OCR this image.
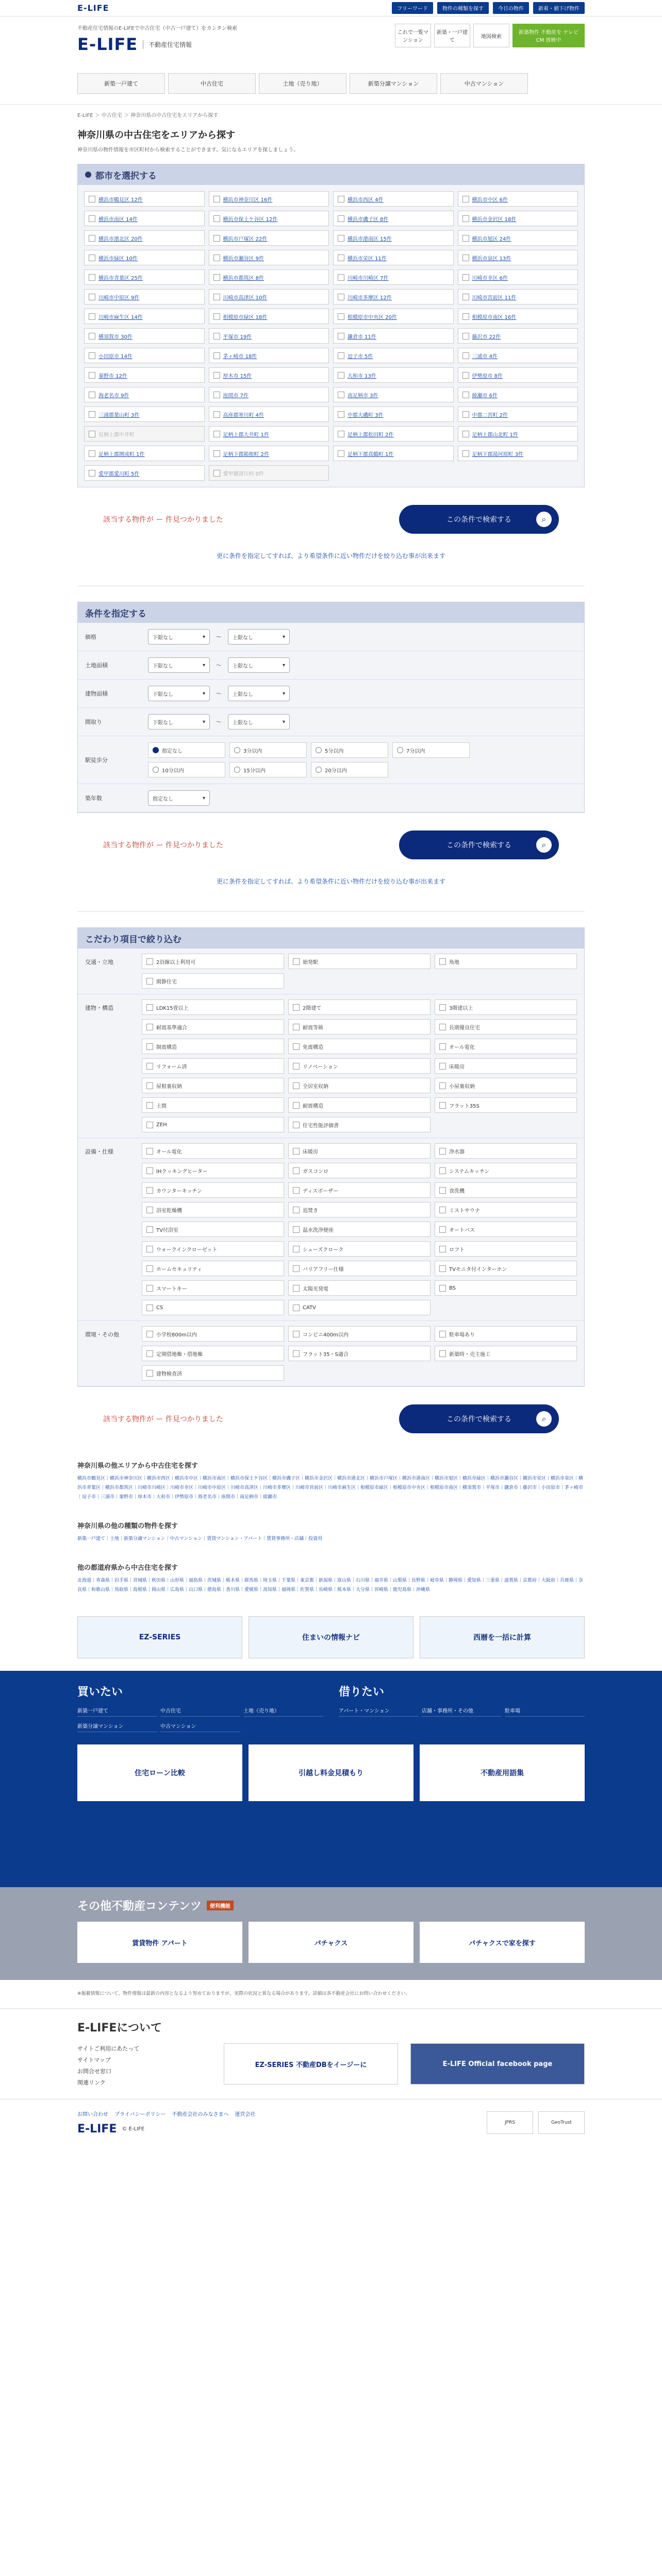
E-LIFE	フリーワード	物件の種類を探す	今日の物件	新着・値下げ物件
不動産住宅情報のE-LIFEで中古住宅（中古一戸建て）をカンタン検索
E-LIFE	不動産住宅情報
これで一覧マンション
新築・一戸建て
地図検索
新築物件 不動産を テレビ CM 放映中
新築一戸建て	中古住宅	土地（売り地）	新築分譲マンション	中古マンション
E-LIFE ＞ 中古住宅 ＞ 神奈川県の中古住宅をエリアから探す
神奈川県の中古住宅をエリアから探す
神奈川県の物件情報を市区町村から検索することができます。気になるエリアを探しましょう。
都市を選択する
横浜市鶴見区 12件	横浜市神奈川区 16件	横浜市西区 4件	横浜市中区 6件
横浜市南区 14件	横浜市保土ケ谷区 12件	横浜市磯子区 8件	横浜市金沢区 18件
横浜市港北区 20件	横浜市戸塚区 22件	横浜市港南区 15件	横浜市旭区 24件
横浜市緑区 10件	横浜市瀬谷区 9件	横浜市栄区 11件	横浜市泉区 13件
横浜市青葉区 25件	横浜市都筑区 8件	川崎市川崎区 7件	川崎市幸区 6件
川崎市中原区 9件	川崎市高津区 10件	川崎市多摩区 12件	川崎市宮前区 11件
川崎市麻生区 14件	相模原市緑区 18件	相模原市中央区 20件	相模原市南区 16件
横須賀市 30件	平塚市 19件	鎌倉市 11件	藤沢市 22件
小田原市 14件	茅ヶ崎市 18件	逗子市 5件	三浦市 4件
秦野市 12件	厚木市 15件	大和市 13件	伊勢原市 8件
海老名市 9件	座間市 7件	南足柄市 3件	綾瀬市 6件
三浦郡葉山町 3件	高座郡寒川町 4件	中郡大磯町 3件	中郡二宮町 2件
足柄上郡中井町	足柄上郡大井町 1件	足柄上郡松田町 2件	足柄上郡山北町 1件
足柄上郡開成町 1件	足柄下郡箱根町 2件	足柄下郡真鶴町 1件	足柄下郡湯河原町 3件
愛甲郡愛川町 5件	愛甲郡清川村 0件
該当する物件が ー 件見つかりました	この条件で検索する	⌕
更に条件を指定してすれば、より希望条件に近い物件だけを絞り込む事が出来ます
条件を指定する
価格	下限なし	▾ 〜 上限なし	▾
土地面積	下限なし	▾ 〜 上限なし	▾
建物面積	下限なし	▾ 〜 上限なし	▾
間取り	下限なし	▾ 〜 上限なし	▾
駅徒歩分
指定なし	3分以内	5分以内	7分以内
10分以内	15分以内	20分以内
築年数	指定なし	▾
該当する物件が ー 件見つかりました	この条件で検索する	⌕
更に条件を指定してすれば、より希望条件に近い物件だけを絞り込む事が出来ます
こだわり項目で絞り込む
交通・立地	2沿線以上利用可	始発駅	角地
閑静住宅
建物・構造	LDK15畳以上	2階建て	3階建以上
耐震基準適合	耐震等級	長期優良住宅
制震構造	免震構造	オール電化
リフォーム済	リノベーション	床暖房
屋根裏収納	全居室収納	小屋裏収納
土間	耐震構造	フラット35S
ZEH	住宅性能評価書
設備・仕様	オール電化	床暖房	浄水器
IHクッキングヒーター	ガスコンロ	システムキッチン
カウンターキッチン	ディスポーザー	食洗機
浴室乾燥機	追焚き	ミストサウナ
TV付浴室	温水洗浄便座	オートバス
ウォークインクローゼット	シューズクローク	ロフト
ホームセキュリティ	バリアフリー仕様	TVモニタ付インターホン
スマートキー	太陽光発電	BS
CS	CATV
環境・その他	小学校800m以内	コンビニ400m以内	駐車場あり
定期借地権・借地権	フラット35・S適合	新築時・売主施工
建物検査済
該当する物件が ー 件見つかりました	この条件で検索する	⌕
神奈川県の他エリアから中古住宅を探す
横浜市鶴見区｜横浜市神奈川区｜横浜市西区｜横浜市中区｜横浜市南区｜横浜市保土ケ谷区｜横浜市磯子区｜横浜市金沢区｜横浜市港北区｜横浜市戸塚区｜横浜市港南区｜横浜市旭区｜横浜市緑区｜横浜市瀬谷区｜横浜市栄区｜横浜市泉区｜横浜市青葉区｜横浜市都筑区｜川崎市川崎区｜川崎市幸区｜川崎市中原区｜川崎市高津区｜川崎市多摩区｜川崎市宮前区｜川崎市麻生区｜相模原市緑区｜相模原市中央区｜相模原市南区｜横須賀市｜平塚市｜鎌倉市｜藤沢市｜小田原市｜茅ヶ崎市｜逗子市｜三浦市｜秦野市｜厚木市｜大和市｜伊勢原市｜海老名市｜座間市｜南足柄市｜綾瀬市
神奈川県の他の種類の物件を探す
新築一戸建て｜土地｜新築分譲マンション｜中古マンション｜賃貸マンション・アパート｜賃貸事務所・店舗｜投資用
他の都道府県から中古住宅を探す
北海道｜青森県｜岩手県｜宮城県｜秋田県｜山形県｜福島県｜茨城県｜栃木県｜群馬県｜埼玉県｜千葉県｜東京都｜新潟県｜富山県｜石川県｜福井県｜山梨県｜長野県｜岐阜県｜静岡県｜愛知県｜三重県｜滋賀県｜京都府｜大阪府｜兵庫県｜奈良県｜和歌山県｜鳥取県｜島根県｜岡山県｜広島県｜山口県｜徳島県｜香川県｜愛媛県｜高知県｜福岡県｜佐賀県｜長崎県｜熊本県｜大分県｜宮崎県｜鹿児島県｜沖縄県
EZ-SERIES	住まいの情報ナビ	西暦を一括に計算
買いたい
新築一戸建て	中古住宅	土地（売り地）
新築分譲マンション	中古マンション
借りたい
アパート・マンション	店舗・事務所・その他	駐車場
住宅ローン比較	引越し料金見積もり	不動産用語集
その他不動産コンテンツ	便利機能
賃貸物件 アパート	パチャクス	パチャクスで家を探す
※掲載情報について、物件情報は最新の内容となるよう努めておりますが、実際の状況と異なる場合があります。詳細は各不動産会社にお問い合わせください。
E-LIFEについて
サイトご利用にあたって
サイトマップ
お問合せ窓口
関連リンク
EZ-SERIES 不動産DBをイージーに	E-LIFE Official facebook page
お問い合わせ プライバシーポリシー 不動産会社のみなさまへ 運営会社
E-LIFE © E-LIFE
JPRS	GeoTrust
